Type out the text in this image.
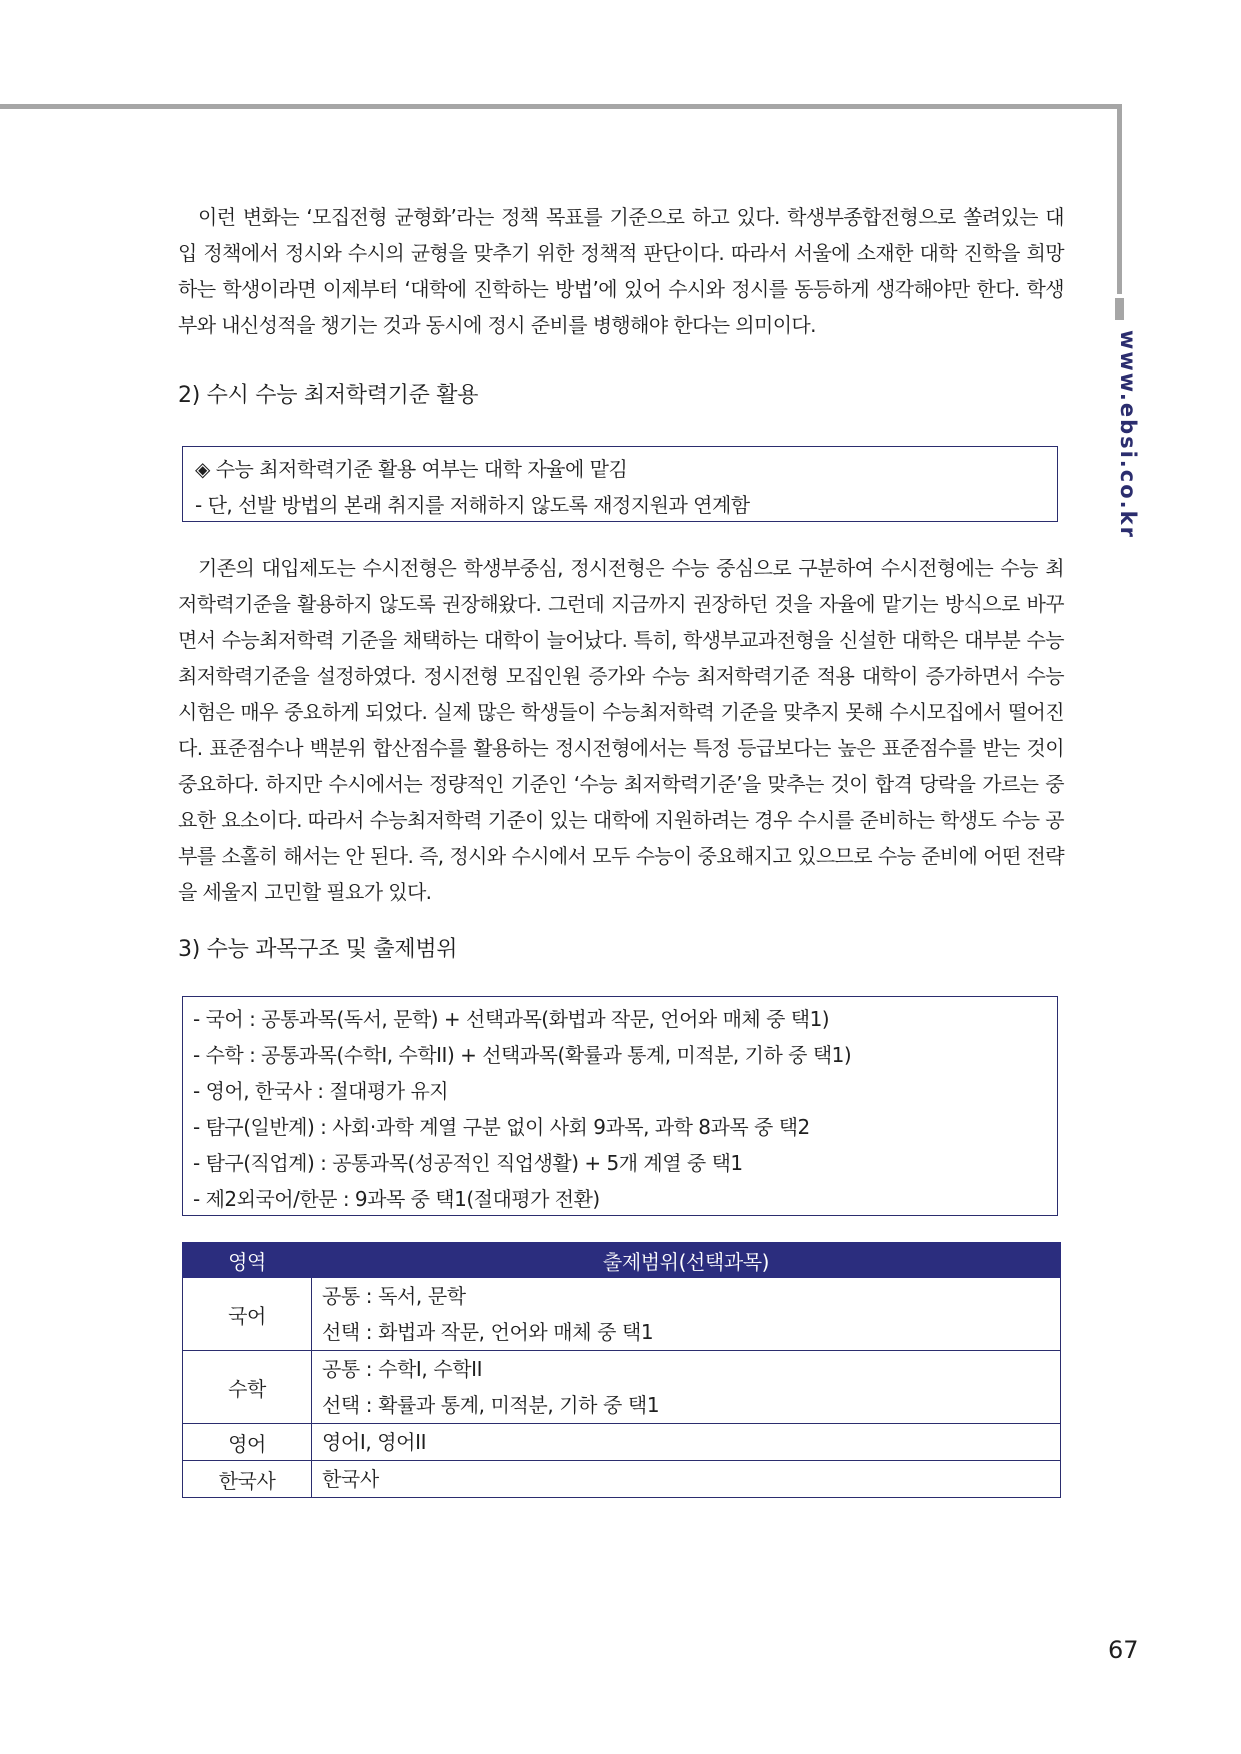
www.ebsi.co.kr

이런 변화는 ‘모집전형 균형화’라는 정책 목표를 기준으로 하고 있다. 학생부종합전형으로 쏠려있는 대입 정책에서 정시와 수시의 균형을 맞추기 위한 정책적 판단이다. 따라서 서울에 소재한 대학 진학을 희망하는 학생이라면 이제부터 ‘대학에 진학하는 방법’에 있어 수시와 정시를 동등하게 생각해야만 한다. 학생부와 내신성적을 챙기는 것과 동시에 정시 준비를 병행해야 한다는 의미이다.

2) 수시 수능 최저학력기준 활용
◈ 수능 최저학력기준 활용 여부는 대학 자율에 맡김
- 단, 선발 방법의 본래 취지를 저해하지 않도록 재정지원과 연계함

기존의 대입제도는 수시전형은 학생부중심, 정시전형은 수능 중심으로 구분하여 수시전형에는 수능 최저학력기준을 활용하지 않도록 권장해왔다. 그런데 지금까지 권장하던 것을 자율에 맡기는 방식으로 바꾸면서 수능최저학력 기준을 채택하는 대학이 늘어났다. 특히, 학생부교과전형을 신설한 대학은 대부분 수능최저학력기준을 설정하였다. 정시전형 모집인원 증가와 수능 최저학력기준 적용 대학이 증가하면서 수능시험은 매우 중요하게 되었다. 실제 많은 학생들이 수능최저학력 기준을 맞추지 못해 수시모집에서 떨어진다. 표준점수나 백분위 합산점수를 활용하는 정시전형에서는 특정 등급보다는 높은 표준점수를 받는 것이 중요하다. 하지만 수시에서는 정량적인 기준인 ‘수능 최저학력기준’을 맞추는 것이 합격 당락을 가르는 중요한 요소이다. 따라서 수능최저학력 기준이 있는 대학에 지원하려는 경우 수시를 준비하는 학생도 수능 공부를 소홀히 해서는 안 된다. 즉, 정시와 수시에서 모두 수능이 중요해지고 있으므로 수능 준비에 어떤 전략을 세울지 고민할 필요가 있다.

3) 수능 과목구조 및 출제범위
- 국어 : 공통과목(독서, 문학) + 선택과목(화법과 작문, 언어와 매체 중 택1)
- 수학 : 공통과목(수학I, 수학II) + 선택과목(확률과 통계, 미적분, 기하 중 택1)
- 영어, 한국사 : 절대평가 유지
- 탐구(일반계) : 사회·과학 계열 구분 없이 사회 9과목, 과학 8과목 중 택2
- 탐구(직업계) : 공통과목(성공적인 직업생활) + 5개 계열 중 택1
- 제2외국어/한문 : 9과목 중 택1(절대평가 전환)
영역	출제범위(선택과목)
국어	공통 : 독서, 문학
선택 : 화법과 작문, 언어와 매체 중 택1

수학	공통 : 수학I, 수학II
선택 : 확률과 통계, 미적분, 기하 중 택1

영어	영어I, 영어II

한국사	한국사
67
